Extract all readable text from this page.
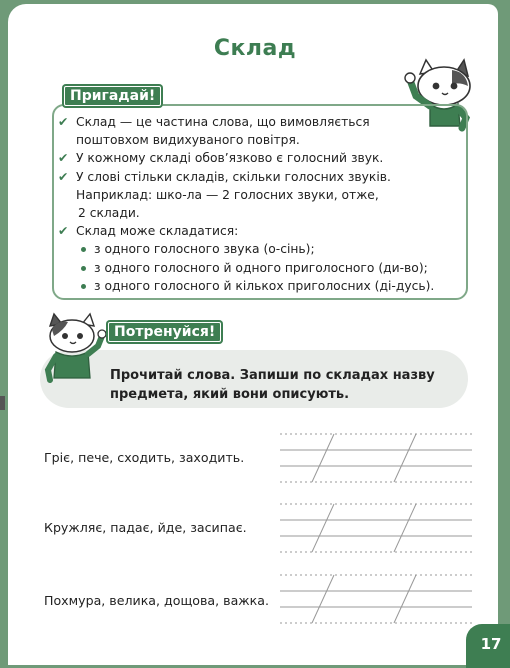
Склад
Пригадай!
✔ Склад — це частина слова, що вимовляється
поштовхом видихуваного повітря.
✔ У кожному складі обов’язково є голосний звук.
✔ У слові стільки складів, скільки голосних звуків.
Наприклад: шко-ла — 2 голосних звуки, отже,
2 склади.
✔ Склад може складатися:
з одного голосного звука (о-сінь);
з одного голосного й одного приголосного (ди-во);
з одного голосного й кількох приголосних (ді-дусь).
Потренуйся!
Прочитай слова. Запиши по складах назву предмета, який вони описують.
Гріє, пече, сходить, заходить.
Кружляє, падає, йде, засипає.
Похмура, велика, дощова, важка.
17
